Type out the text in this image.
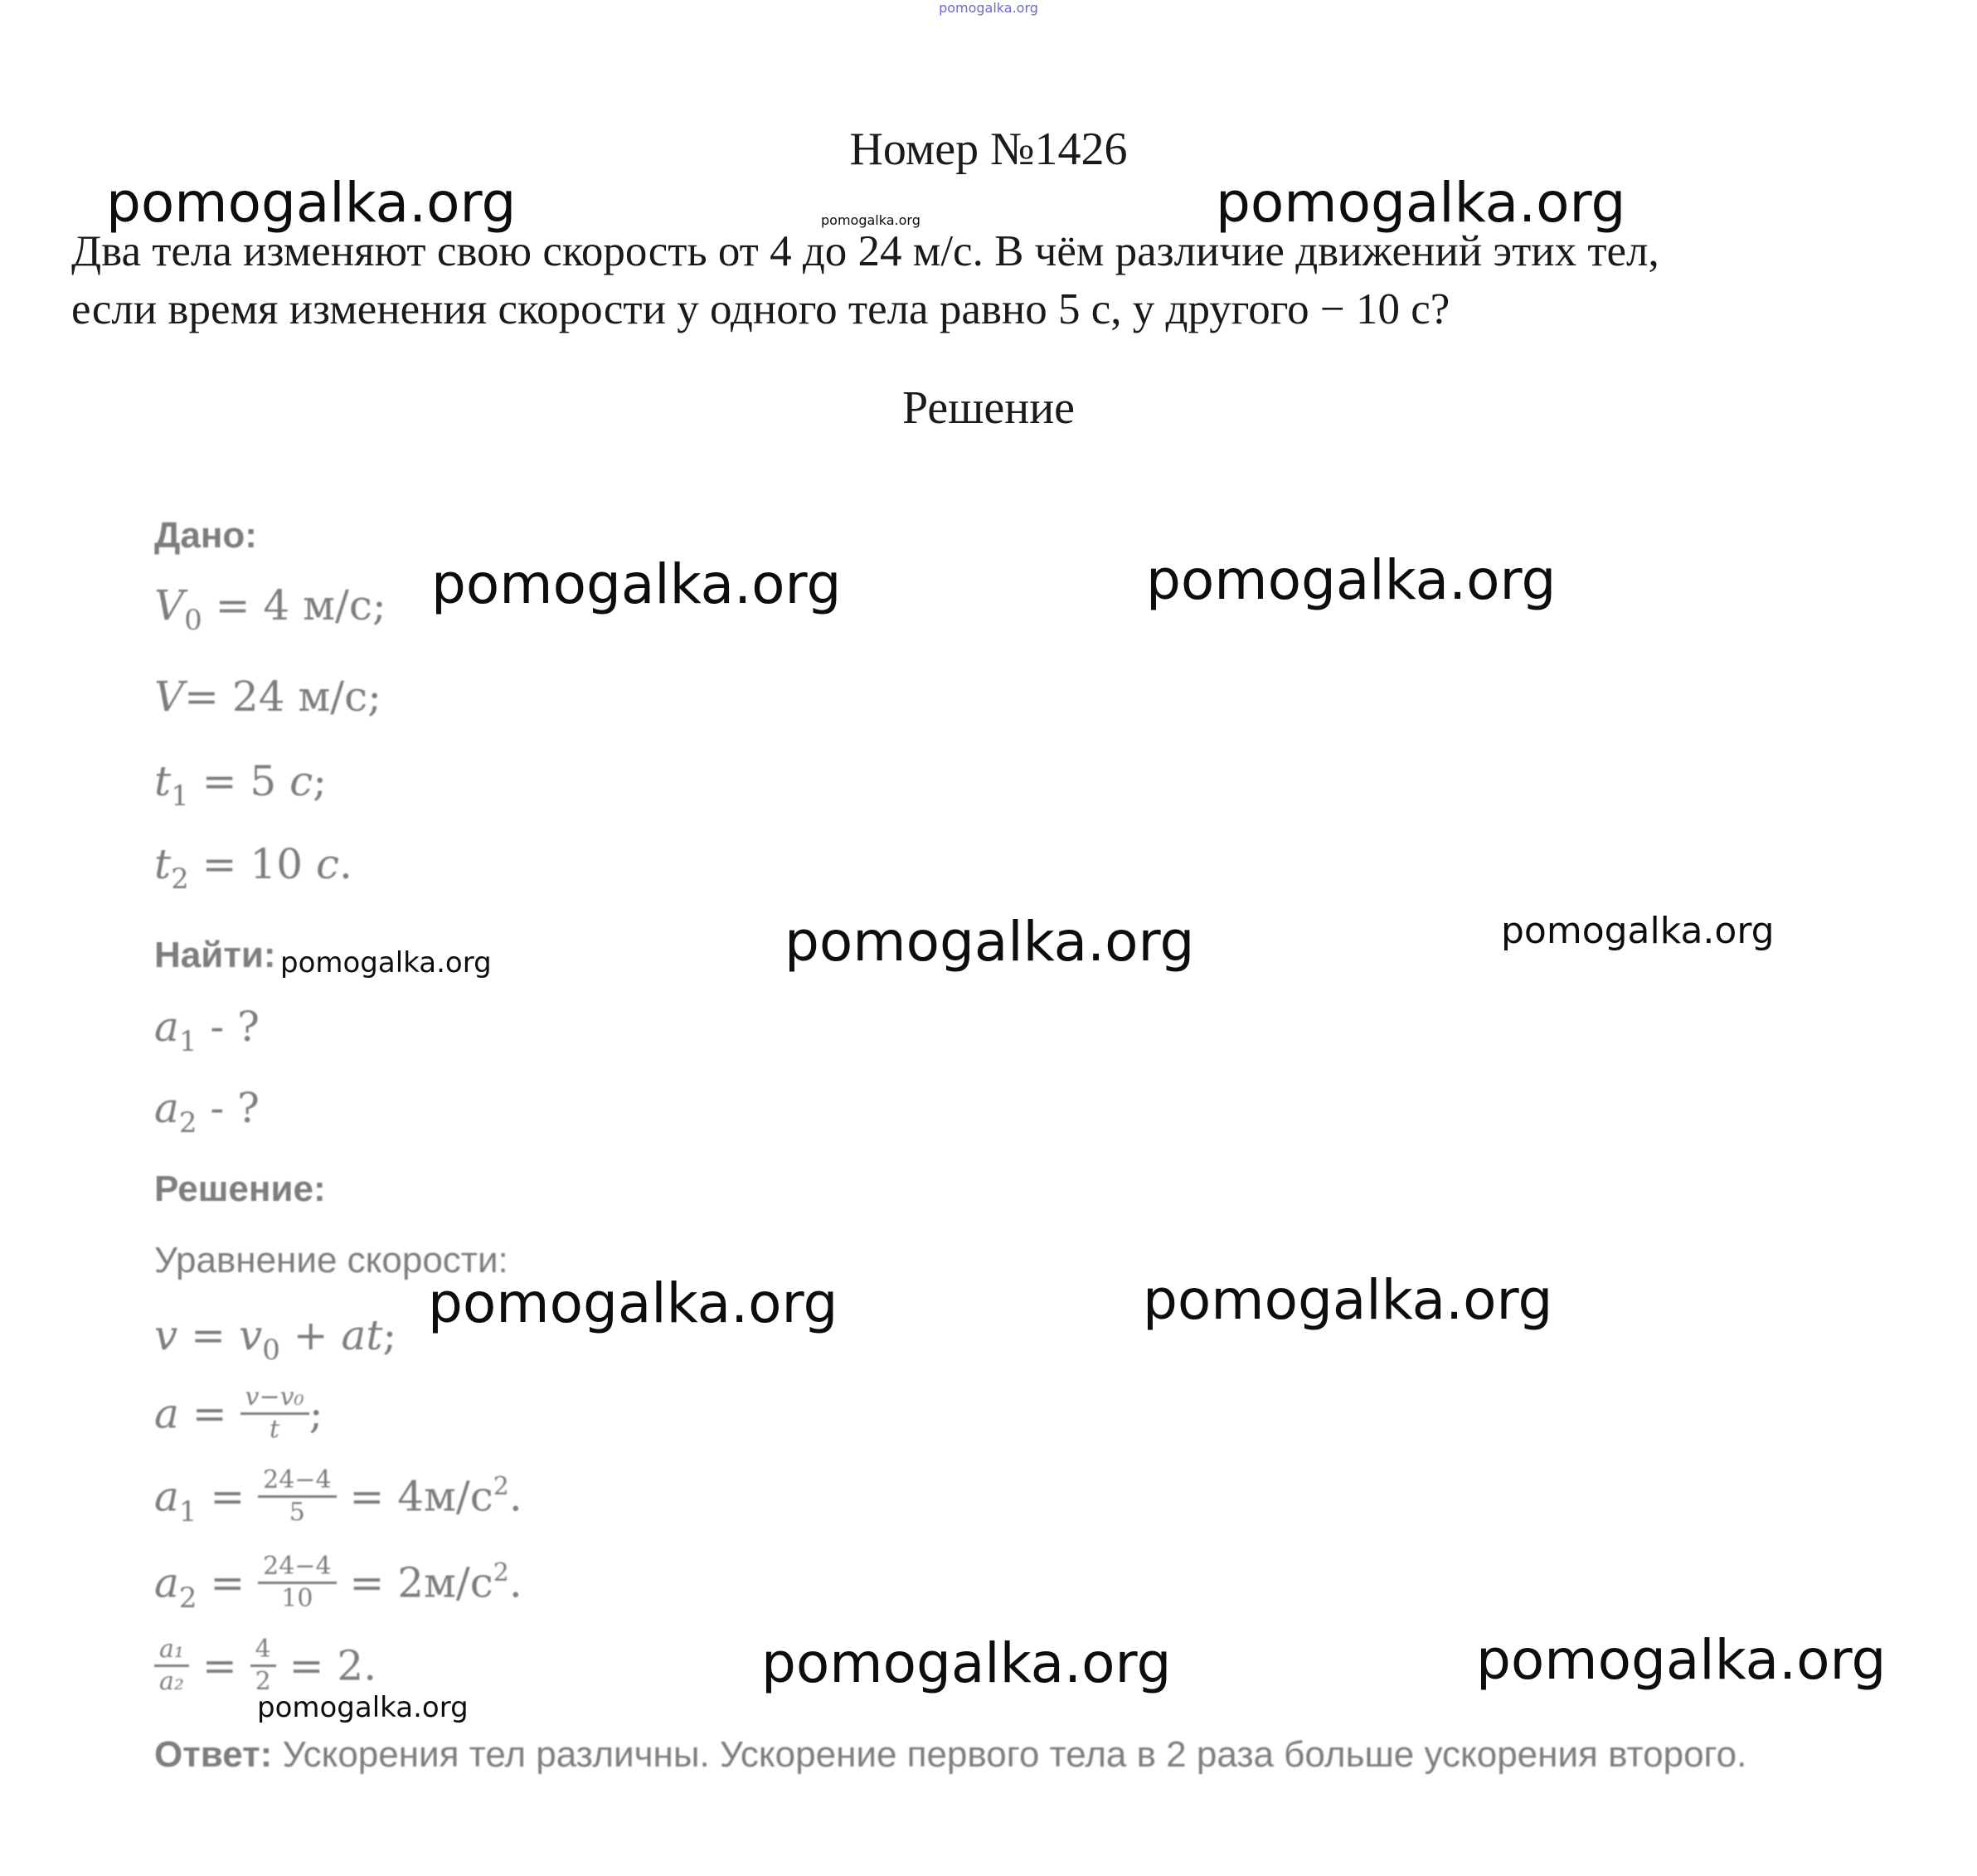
pomogalka.org
Номер №1426
Два тела изменяют свою скорость от 4 до 24 м/с. В чём различие движений этих тел,
если время изменения скорости у одного тела равно 5 с, у другого − 10 с?
Решение
Дано:
$V_0 = 4$ м/с;
V= 24 м/с;
$t_1 = 5$ c;
$t_2 = 10$ c.
Найти:
$a_1$ - ?
$a_2$ - ?
Решение:
Уравнение скорости:
$v = v_0$ + at;
$a = \frac{\text{v−v₀}}{t}$ ;
$a_1 = \frac{24-4}{5} = 4м/с^2$.
$a_2 = \frac{24-4}{10} = 2м/с^2$.
$\frac{\text{a₁}}{\text{a₂}} = \frac{4}{2} = 2$.
Ответ: Ускорения тел различны. Ускорение первого тела в 2 раза больше ускорения второго.
pomogalka.org	pomogalka.org
pomogalka.org
pomogalka.org	pomogalka.org
pomogalka.org	pomogalka.org
pomogalka.org
pomogalka.org	pomogalka.org
pomogalka.org	pomogalka.org
pomogalka.org
